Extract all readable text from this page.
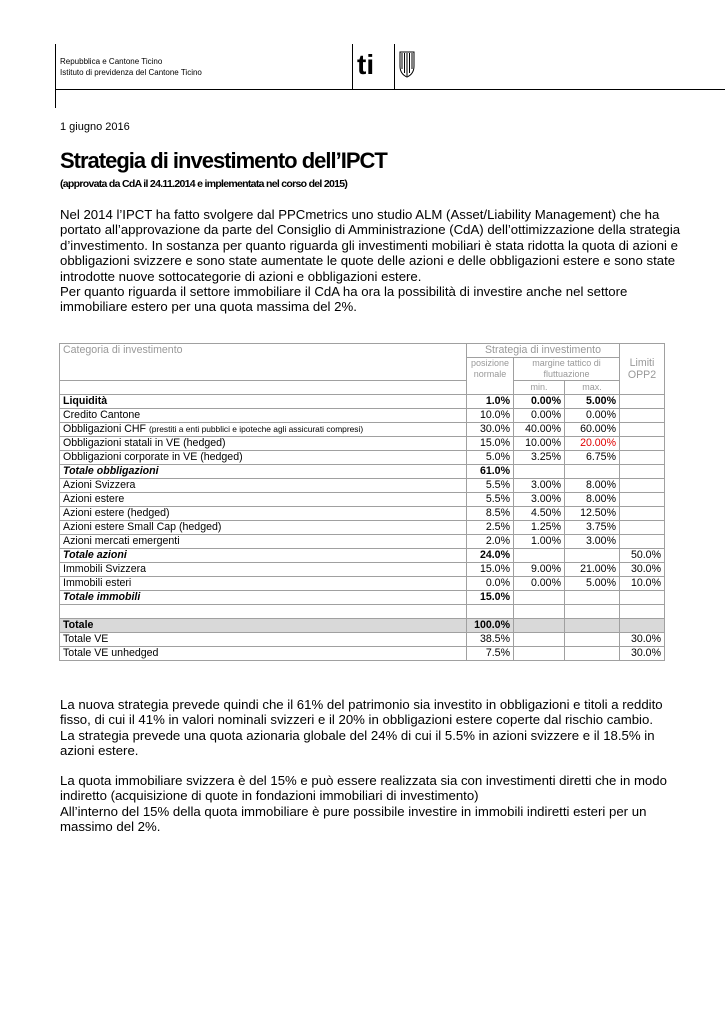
Repubblica e Cantone Ticino
Istituto di previdenza del Cantone Ticino	ti
1 giugno 2016
Strategia di investimento dell’IPCT
(approvata da CdA il 24.11.2014 e implementata nel corso del 2015)
Nel 2014 l’IPCT ha fatto svolgere dal PPCmetrics uno studio ALM (Asset/Liability Management) che ha
portato all’approvazione da parte del Consiglio di Amministrazione (CdA) dell’ottimizzazione della strategia
d’investimento. In sostanza per quanto riguarda gli investimenti mobiliari è stata ridotta la quota di azioni e
obbligazioni svizzere e sono state aumentate le quote delle azioni e delle obbligazioni estere e sono state
introdotte nuove sottocategorie di azioni e obbligazioni estere.
Per quanto riguarda il settore immobiliare il CdA ha ora la possibilità di investire anche nel settore
immobiliare estero per una quota massima del 2%.
Categoria di investimento	Strategia di investimento			Limiti
OPP2
	posizione
normale	margine tattico di
fluttuazione		
		min.	max.	
Liquidità	1.0%	0.00%	5.00%	
Credito Cantone	10.0%	0.00%	0.00%	
Obbligazioni CHF (prestiti a enti pubblici e ipoteche agli assicurati compresi)	30.0%	40.00%	60.00%	
Obbligazioni statali in VE (hedged)	15.0%	10.00%	20.00%	
Obbligazioni corporate in VE (hedged)	5.0%	3.25%	6.75%	
Totale obbligazioni	61.0%			
Azioni Svizzera	5.5%	3.00%	8.00%	
Azioni estere	5.5%	3.00%	8.00%	
Azioni estere (hedged)	8.5%	4.50%	12.50%	
Azioni estere Small Cap (hedged)	2.5%	1.25%	3.75%	
Azioni mercati emergenti	2.0%	1.00%	3.00%	
Totale azioni	24.0%			50.0%
Immobili Svizzera	15.0%	9.00%	21.00%	30.0%
Immobili esteri	0.0%	0.00%	5.00%	10.0%
Totale immobili	15.0%			

Totale	100.0%			
Totale VE	38.5%			30.0%
Totale VE unhedged	7.5%			30.0%
La nuova strategia prevede quindi che il 61% del patrimonio sia investito in obbligazioni e titoli a reddito
fisso, di cui il 41% in valori nominali svizzeri e il 20% in obbligazioni estere coperte dal rischio cambio.
La strategia prevede una quota azionaria globale del 24% di cui il 5.5% in azioni svizzere e il 18.5% in
azioni estere.
La quota immobiliare svizzera è del 15% e può essere realizzata sia con investimenti diretti che in modo
indiretto (acquisizione di quote in fondazioni immobiliari di investimento)
All’interno del 15% della quota immobiliare è pure possibile investire in immobili indiretti esteri per un
massimo del 2%.
